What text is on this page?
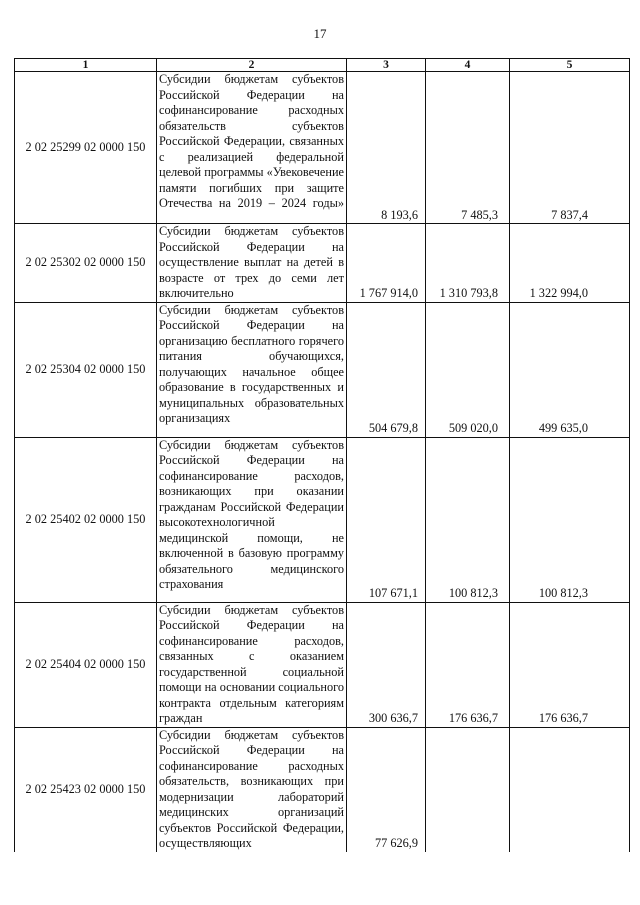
17
1	2	3	4	5
2 02 25299 02 0000 150	Субсидии бюджетам субъектов Российской Федерации на софинансирование расходных обязательств субъектов Российской Федерации, связанных с реализацией федеральной целевой программы «Увековечение памяти погибших при защите Отечества на 2019 – 2024 годы»	8 193,6	7 485,3	7 837,4
2 02 25302 02 0000 150	Субсидии бюджетам субъектов Российской Федерации на осуществление выплат на детей в возрасте от трех до семи лет включительно	1 767 914,0	1 310 793,8	1 322 994,0
2 02 25304 02 0000 150	Субсидии бюджетам субъектов Российской Федерации на организацию бесплатного горячего питания обучающихся, получающих начальное общее образование в государственных и муниципальных образовательных организациях	504 679,8	509 020,0	499 635,0
2 02 25402 02 0000 150	Субсидии бюджетам субъектов Российской Федерации на софинансирование расходов, возникающих при оказании гражданам Российской Федерации высокотехнологичной медицинской помощи, не включенной в базовую программу обязательного медицинского страхования	107 671,1	100 812,3	100 812,3
2 02 25404 02 0000 150	Субсидии бюджетам субъектов Российской Федерации на софинансирование расходов, связанных с оказанием государственной социальной помощи на основании социального контракта отдельным категориям граждан	300 636,7	176 636,7	176 636,7
2 02 25423 02 0000 150	Субсидии бюджетам субъектов Российской Федерации на софинансирование расходных обязательств, возникающих при модернизации лабораторий медицинских организаций субъектов Российской Федерации, осуществляющих	77 626,9		
